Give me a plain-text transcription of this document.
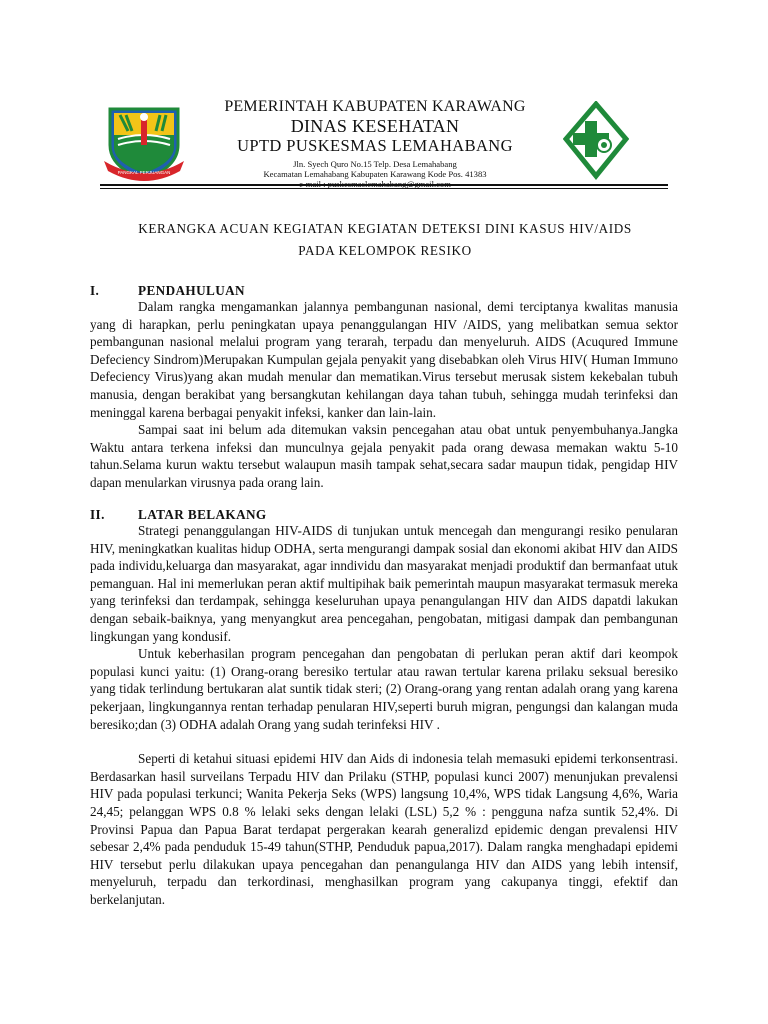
PANGKAL PERJUANGAN
PEMERINTAH KABUPATEN KARAWANG
DINAS KESEHATAN
UPTD PUSKESMAS LEMAHABANG
Jln. Syech Quro No.15 Telp. Desa Lemahabang
Kecamatan Lemahabang Kabupaten Karawang Kode Pos. 41383
e-mail : puskesmaslemahabang@gmail.com
KERANGKA ACUAN KEGIATAN KEGIATAN DETEKSI DINI KASUS HIV/AIDS
PADA KELOMPOK RESIKO
I.	PENDAHULUAN

Dalam rangka mengamankan jalannya pembangunan nasional, demi terciptanya kwalitas manusia yang di harapkan, perlu peningkatan upaya penanggulangan HIV /AIDS, yang melibatkan semua sektor pembangunan nasional melalui program yang terarah, terpadu dan menyeluruh. AIDS (Acuqured Immune Defeciency Sindrom)Merupakan Kumpulan gejala penyakit yang disebabkan oleh Virus HIV( Human Immuno Defeciency Virus)yang akan mudah menular dan mematikan.Virus tersebut merusak sistem kekebalan tubuh manusia, dengan berakibat yang bersangkutan kehilangan daya tahan tubuh, sehingga mudah terinfeksi dan meninggal karena berbagai penyakit infeksi, kanker dan lain-lain.

Sampai saat ini belum ada ditemukan vaksin pencegahan atau obat untuk penyembuhanya.Jangka Waktu antara terkena infeksi dan munculnya gejala penyakit pada orang dewasa memakan waktu 5-10 tahun.Selama kurun waktu tersebut walaupun masih tampak sehat,secara sadar maupun tidak, pengidap HIV dapan menularkan virusnya pada orang lain.

II.	LATAR BELAKANG

Strategi penanggulangan HIV-AIDS di tunjukan untuk mencegah dan mengurangi resiko penularan HIV, meningkatkan kualitas hidup ODHA, serta mengurangi dampak sosial dan ekonomi akibat HIV dan AIDS pada individu,keluarga dan masyarakat, agar inndividu dan masyarakat menjadi produktif dan bermanfaat utuk pemanguan. Hal ini memerlukan peran aktif multipihak baik pemerintah maupun masyarakat termasuk mereka yang terinfeksi dan terdampak, sehingga keseluruhan upaya penangulangan HIV dan AIDS dapatdi lakukan dengan sebaik-baiknya, yang menyangkut area pencegahan, pengobatan, mitigasi dampak dan pembangunan lingkungan yang kondusif.

Untuk keberhasilan program pencegahan dan pengobatan di perlukan peran aktif dari keompok populasi kunci yaitu: (1) Orang-orang beresiko tertular atau rawan tertular karena prilaku seksual beresiko yang tidak terlindung bertukaran alat suntik tidak steri; (2) Orang-orang yang rentan adalah orang yang karena pekerjaan, lingkungannya rentan terhadap penularan HIV,seperti buruh migran, pengungsi dan kalangan muda beresiko;dan (3) ODHA adalah Orang yang sudah terinfeksi HIV .

Seperti di ketahui situasi epidemi HIV dan Aids di indonesia telah memasuki epidemi terkonsentrasi. Berdasarkan hasil surveilans Terpadu HIV dan Prilaku (STHP, populasi kunci 2007) menunjukan prevalensi HIV pada populasi terkunci; Wanita Pekerja Seks (WPS) langsung 10,4%, WPS tidak Langsung 4,6%, Waria 24,45; pelanggan WPS 0.8 % lelaki seks dengan lelaki (LSL) 5,2 % : pengguna nafza suntik 52,4%. Di Provinsi Papua dan Papua Barat terdapat pergerakan kearah generalizd epidemic dengan prevalensi HIV sebesar 2,4% pada penduduk 15-49 tahun(STHP, Penduduk papua,2017). Dalam rangka menghadapi epidemi HIV tersebut perlu dilakukan upaya pencegahan dan penangulanga HIV dan AIDS yang lebih intensif, menyeluruh, terpadu dan terkordinasi, menghasilkan program yang cakupanya tinggi, efektif dan berkelanjutan.
